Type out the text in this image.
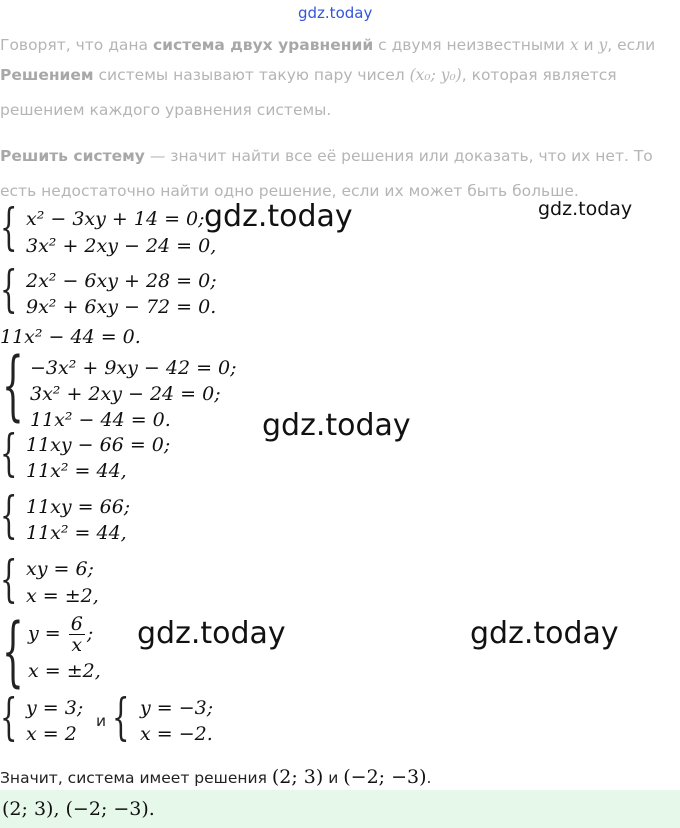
gdz.today
Говорят, что дана система двух уравнений с двумя неизвестными x и y, если
Решением системы называют такую пару чисел (x₀; y₀), которая является
решением каждого уравнения системы.
Решить систему — значит найти все её решения или доказать, что их нет. То
есть недостаточно найти одно решение, если их может быть больше.
{ x² − 3xy + 14 = 0;
3x² + 2xy − 24 = 0,
gdz.today	gdz.today
{ 2x² − 6xy + 28 = 0;
9x² + 6xy − 72 = 0.
11x² − 44 = 0.
{ −3x² + 9xy − 42 = 0;
3x² + 2xy − 24 = 0;
11x² − 44 = 0.	gdz.today
{ 11xy − 66 = 0;
11x² = 44,
{ 11xy = 66;
11x² = 44,
{ xy = 6;
x = ±2,
{ $y = \frac{6}{x}$ ;
x = ±2,
gdz.today	gdz.today
{ y = 3;
x = 2
и { y = −3;
x = −2.
Значит, система имеет решения (2; 3) и (−2; −3).
(2; 3), (−2; −3).
